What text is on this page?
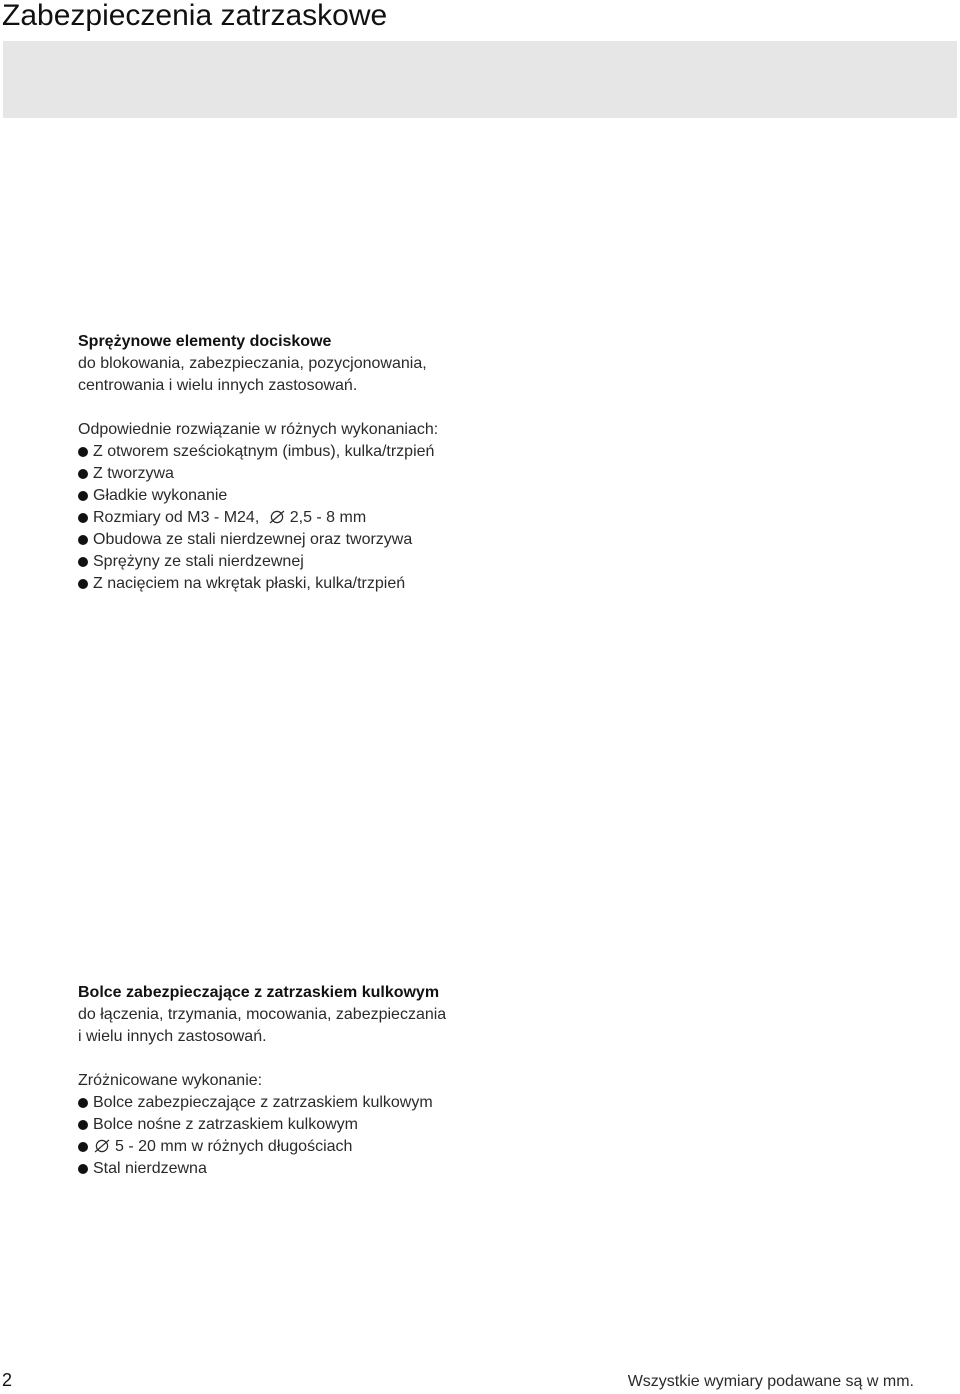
Zabezpieczenia zatrzaskowe
Sprężynowe elementy dociskowe
do blokowania, zabezpieczania, pozycjonowania,
centrowania i wielu innych zastosowań.
Odpowiednie rozwiązanie w różnych wykonaniach:
Z otworem sześciokątnym (imbus), kulka/trzpień
Z tworzywa
Gładkie wykonanie
Rozmiary od M3 - M24, 2,5 - 8 mm
Obudowa ze stali nierdzewnej oraz tworzywa
Sprężyny ze stali nierdzewnej
Z nacięciem na wkrętak płaski, kulka/trzpień
Bolce zabezpieczające z zatrzaskiem kulkowym
do łączenia, trzymania, mocowania, zabezpieczania
i wielu innych zastosowań.
Zróżnicowane wykonanie:
Bolce zabezpieczające z zatrzaskiem kulkowym
Bolce nośne z zatrzaskiem kulkowym
5 - 20 mm w różnych długościach
Stal nierdzewna
2	Wszystkie wymiary podawane są w mm.
